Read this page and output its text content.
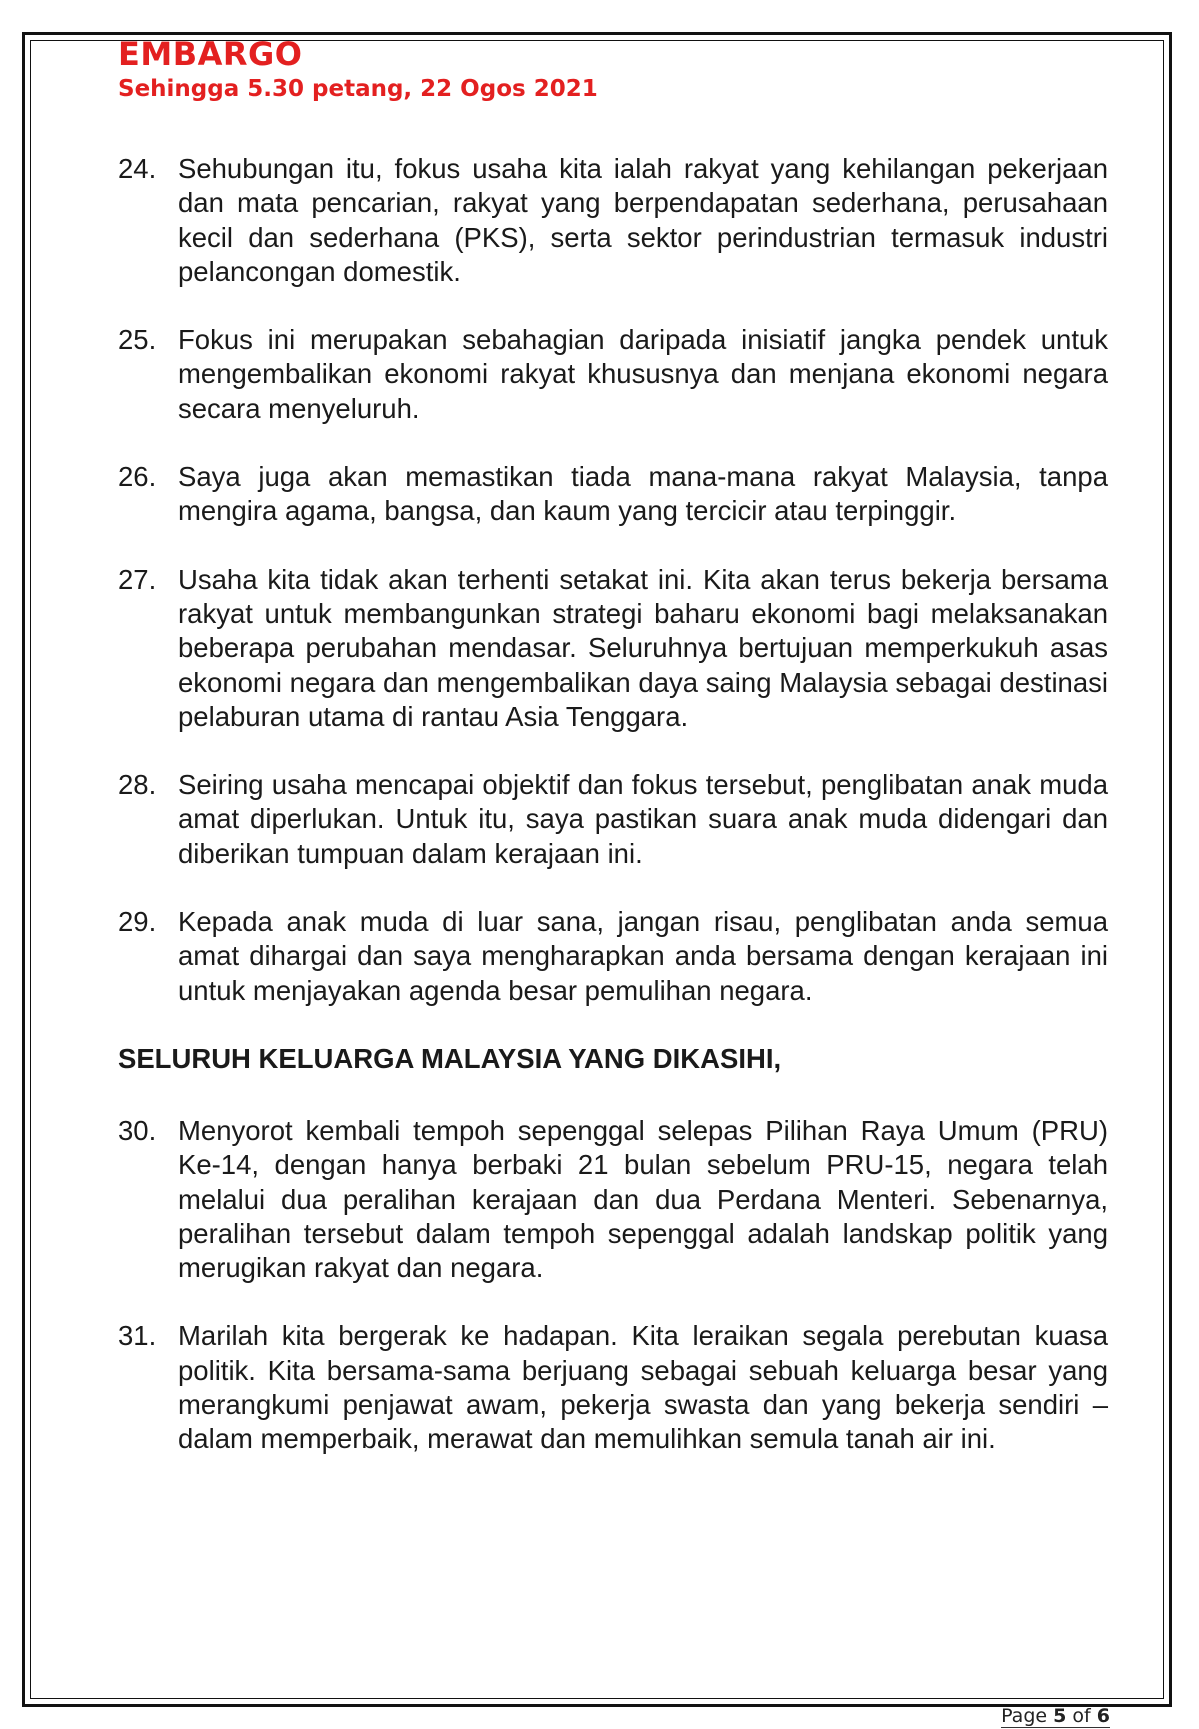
EMBARGO
Sehingga 5.30 petang, 22 Ogos 2021
24. Sehubungan itu, fokus usaha kita ialah rakyat yang kehilangan pekerjaan dan mata pencarian, rakyat yang berpendapatan sederhana, perusahaan kecil dan sederhana (PKS), serta sektor perindustrian termasuk industri pelancongan domestik.
25. Fokus ini merupakan sebahagian daripada inisiatif jangka pendek untuk mengembalikan ekonomi rakyat khususnya dan menjana ekonomi negara secara menyeluruh.
26. Saya juga akan memastikan tiada mana-mana rakyat Malaysia, tanpa mengira agama, bangsa, dan kaum yang tercicir atau terpinggir.
27. Usaha kita tidak akan terhenti setakat ini. Kita akan terus bekerja bersama rakyat untuk membangunkan strategi baharu ekonomi bagi melaksanakan beberapa perubahan mendasar. Seluruhnya bertujuan memperkukuh asas ekonomi negara dan mengembalikan daya saing Malaysia sebagai destinasi pelaburan utama di rantau Asia Tenggara.
28. Seiring usaha mencapai objektif dan fokus tersebut, penglibatan anak muda amat diperlukan. Untuk itu, saya pastikan suara anak muda didengari dan diberikan tumpuan dalam kerajaan ini.
29. Kepada anak muda di luar sana, jangan risau, penglibatan anda semua amat dihargai dan saya mengharapkan anda bersama dengan kerajaan ini untuk menjayakan agenda besar pemulihan negara.
SELURUH KELUARGA MALAYSIA YANG DIKASIHI,
30. Menyorot kembali tempoh sepenggal selepas Pilihan Raya Umum (PRU) Ke-14, dengan hanya berbaki 21 bulan sebelum PRU-15, negara telah melalui dua peralihan kerajaan dan dua Perdana Menteri. Sebenarnya, peralihan tersebut dalam tempoh sepenggal adalah landskap politik yang merugikan rakyat dan negara.
31. Marilah kita bergerak ke hadapan. Kita leraikan segala perebutan kuasa politik. Kita bersama-sama berjuang sebagai sebuah keluarga besar yang merangkumi penjawat awam, pekerja swasta dan yang bekerja sendiri – dalam memperbaik, merawat dan memulihkan semula tanah air ini.
Page 5 of 6
